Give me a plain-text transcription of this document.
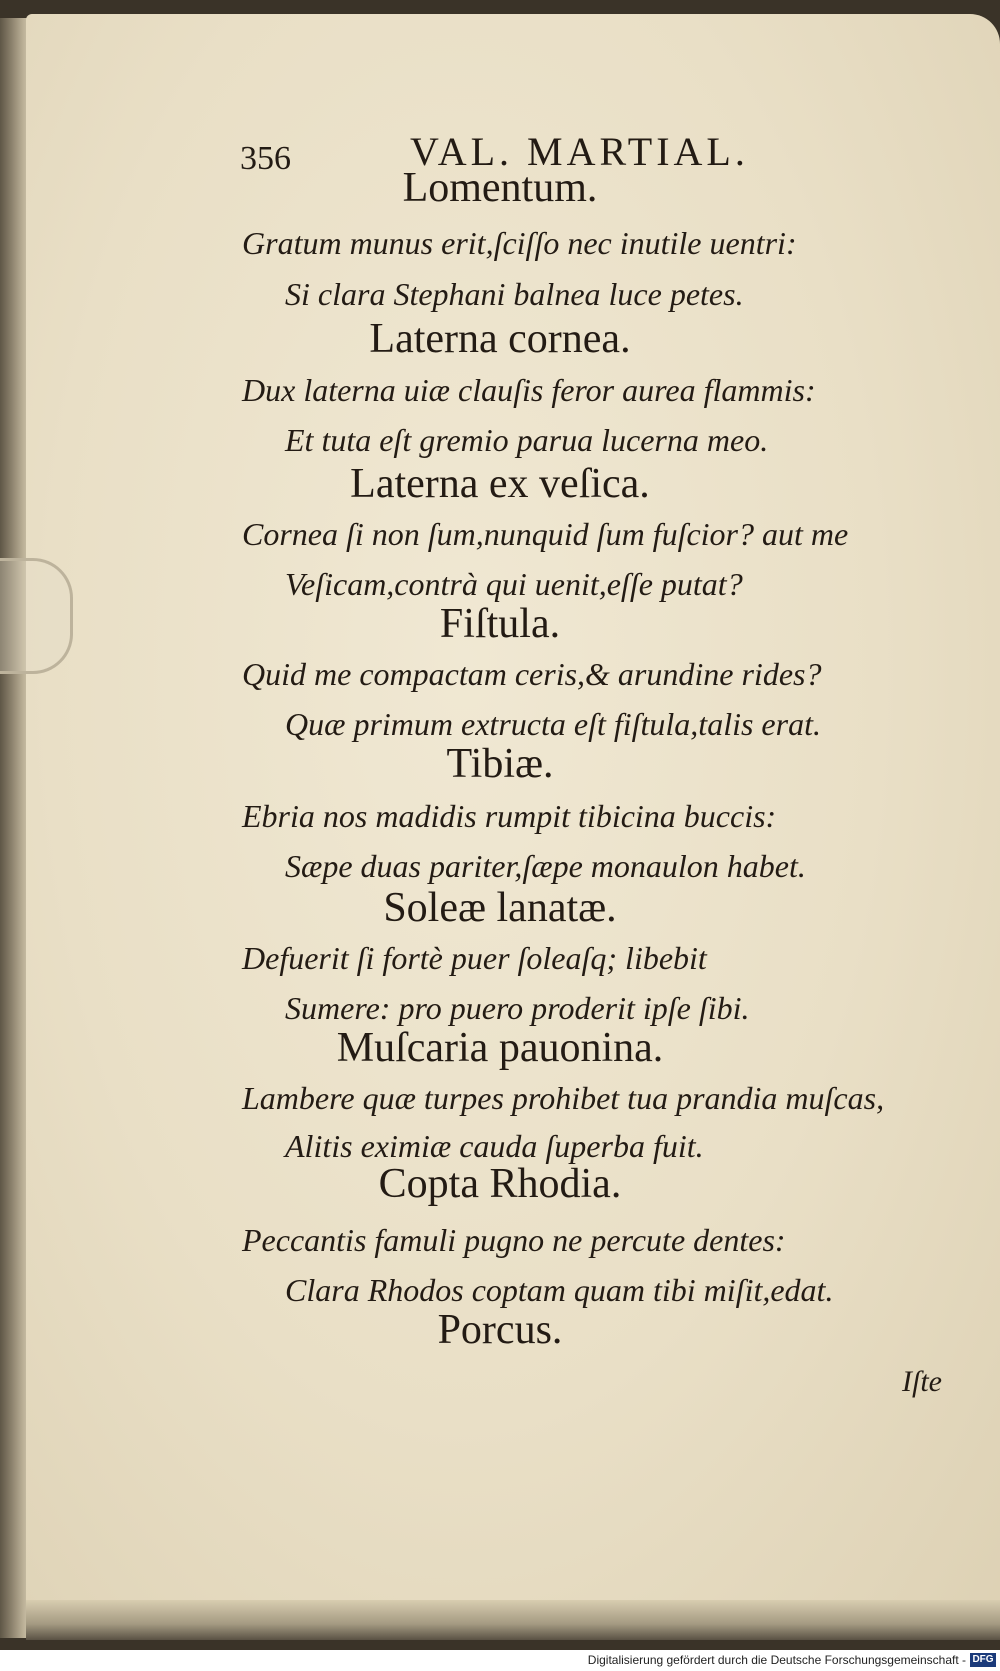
356	VAL. MARTIAL.
Lomentum.
Gratum munus erit,ſciſſo nec inutile uentri:
Si clara Stephani balnea luce petes.
Laterna cornea.
Dux laterna uiæ clauſis feror aurea flammis:
Et tuta eſt gremio parua lucerna meo.
Laterna ex veſica.
Cornea ſi non ſum,nunquid ſum fuſcior? aut me
Veſicam,contrà qui uenit,eſſe putat?
Fiſtula.
Quid me compactam ceris,& arundine rides?
Quæ primum extructa eſt fiſtula,talis erat.
Tibiæ.
Ebria nos madidis rumpit tibicina buccis:
Sæpe duas pariter,ſæpe monaulon habet.
Soleæ lanatæ.
Defuerit ſi fortè puer ſoleaſq; libebit
Sumere: pro puero proderit ipſe ſibi.
Muſcaria pauonina.
Lambere quæ turpes prohibet tua prandia muſcas,
Alitis eximiæ cauda ſuperba fuit.
Copta Rhodia.
Peccantis famuli pugno ne percute dentes:
Clara Rhodos coptam quam tibi miſit,edat.
Porcus.
Iſte
Digitalisierung gefördert durch die Deutsche Forschungsgemeinschaft - DFG
